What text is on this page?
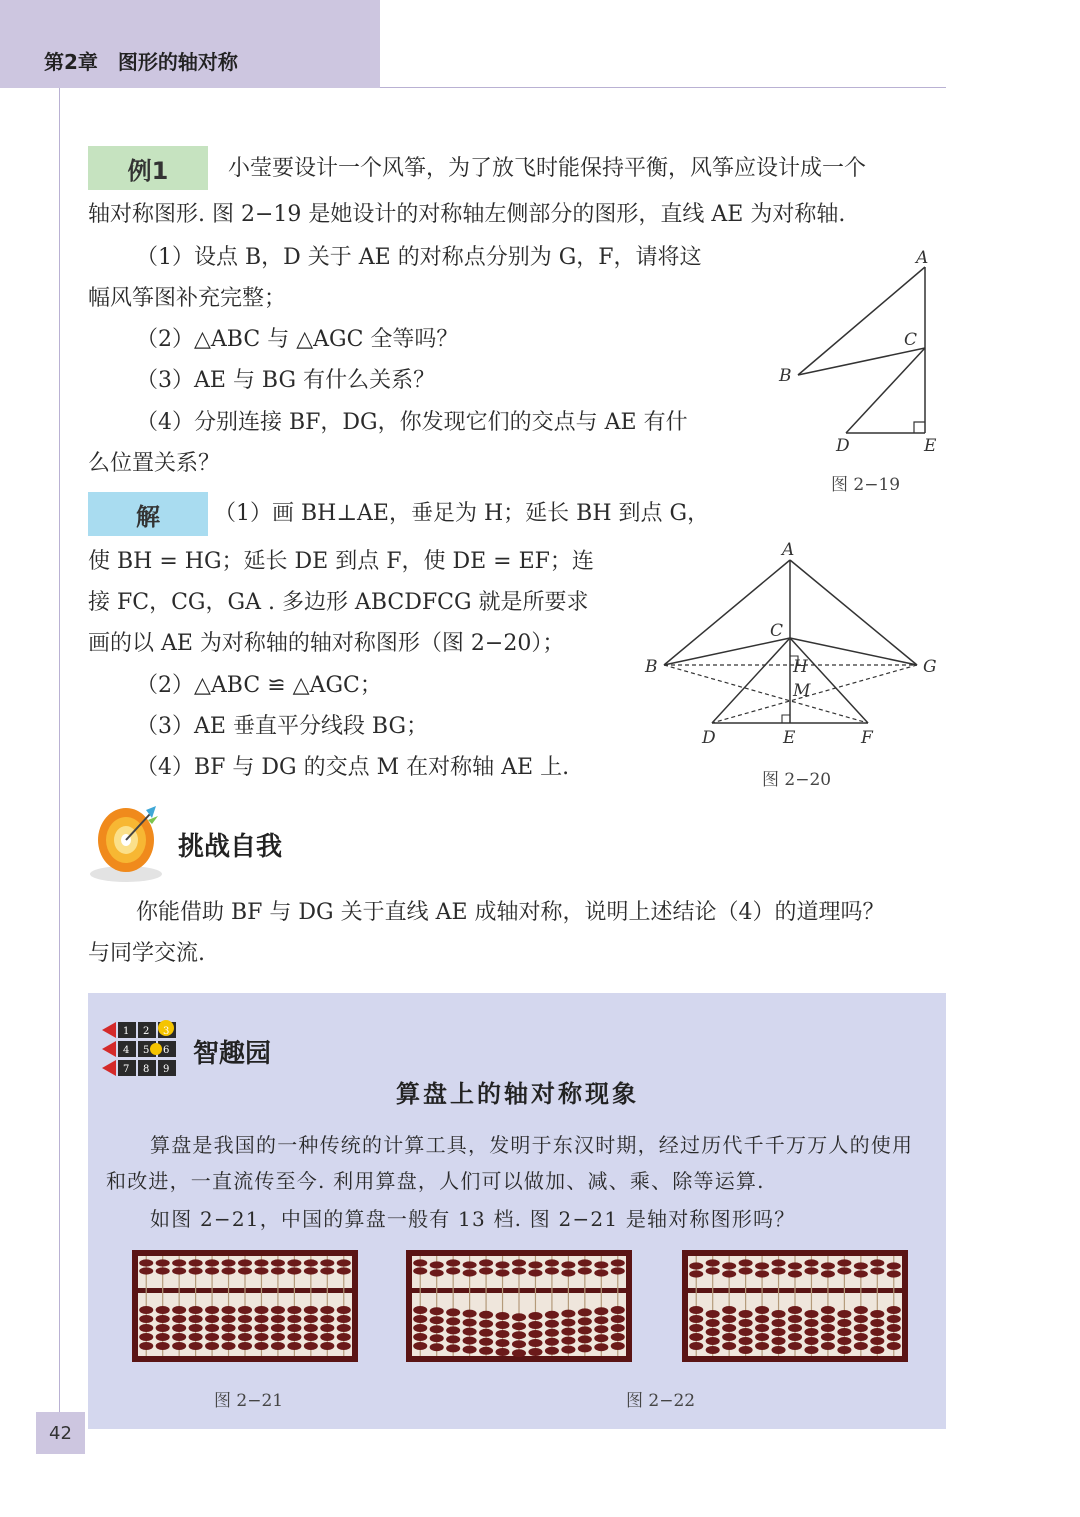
第2章　图形的轴对称
例1	小莹要设计一个风筝，为了放飞时能保持平衡，风筝应设计成一个
轴对称图形. 图 2−19 是她设计的对称轴左侧部分的图形，直线 AE 为对称轴.
（1）设点 B，D 关于 AE 的对称点分别为 G，F，请将这
幅风筝图补充完整；
（2）△ABC 与 △AGC 全等吗？
（3）AE 与 BG 有什么关系？
（4）分别连接 BF，DG，你发现它们的交点与 AE 有什
么位置关系？
A
C
B
D	E
图 2−19
解	（1）画 BH⊥AE，垂足为 H；延长 BH 到点 G，
使 BH = HG；延长 DE 到点 F，使 DE = EF；连
接 FC，CG，GA . 多边形 ABCDFCG 就是所要求
画的以 AE 为对称轴的轴对称图形（图 2−20）；
（2）△ABC ≌ △AGC；
（3）AE 垂直平分线段 BG；
（4）BF 与 DG 的交点 M 在对称轴 AE 上.
A
C
B	H	G
M
D	E	F
图 2−20
挑战自我
你能借助 BF 与 DG 关于直线 AE 成轴对称，说明上述结论（4）的道理吗？
与同学交流.
1 2 3
4 5 6
7 8 9
智趣园
算盘上的轴对称现象
算盘是我国的一种传统的计算工具，发明于东汉时期，经过历代千千万万人的使用
和改进，一直流传至今. 利用算盘，人们可以做加、减、乘、除等运算.
如图 2−21，中国的算盘一般有 13 档. 图 2−21 是轴对称图形吗？
图 2−21	图 2−22
42
